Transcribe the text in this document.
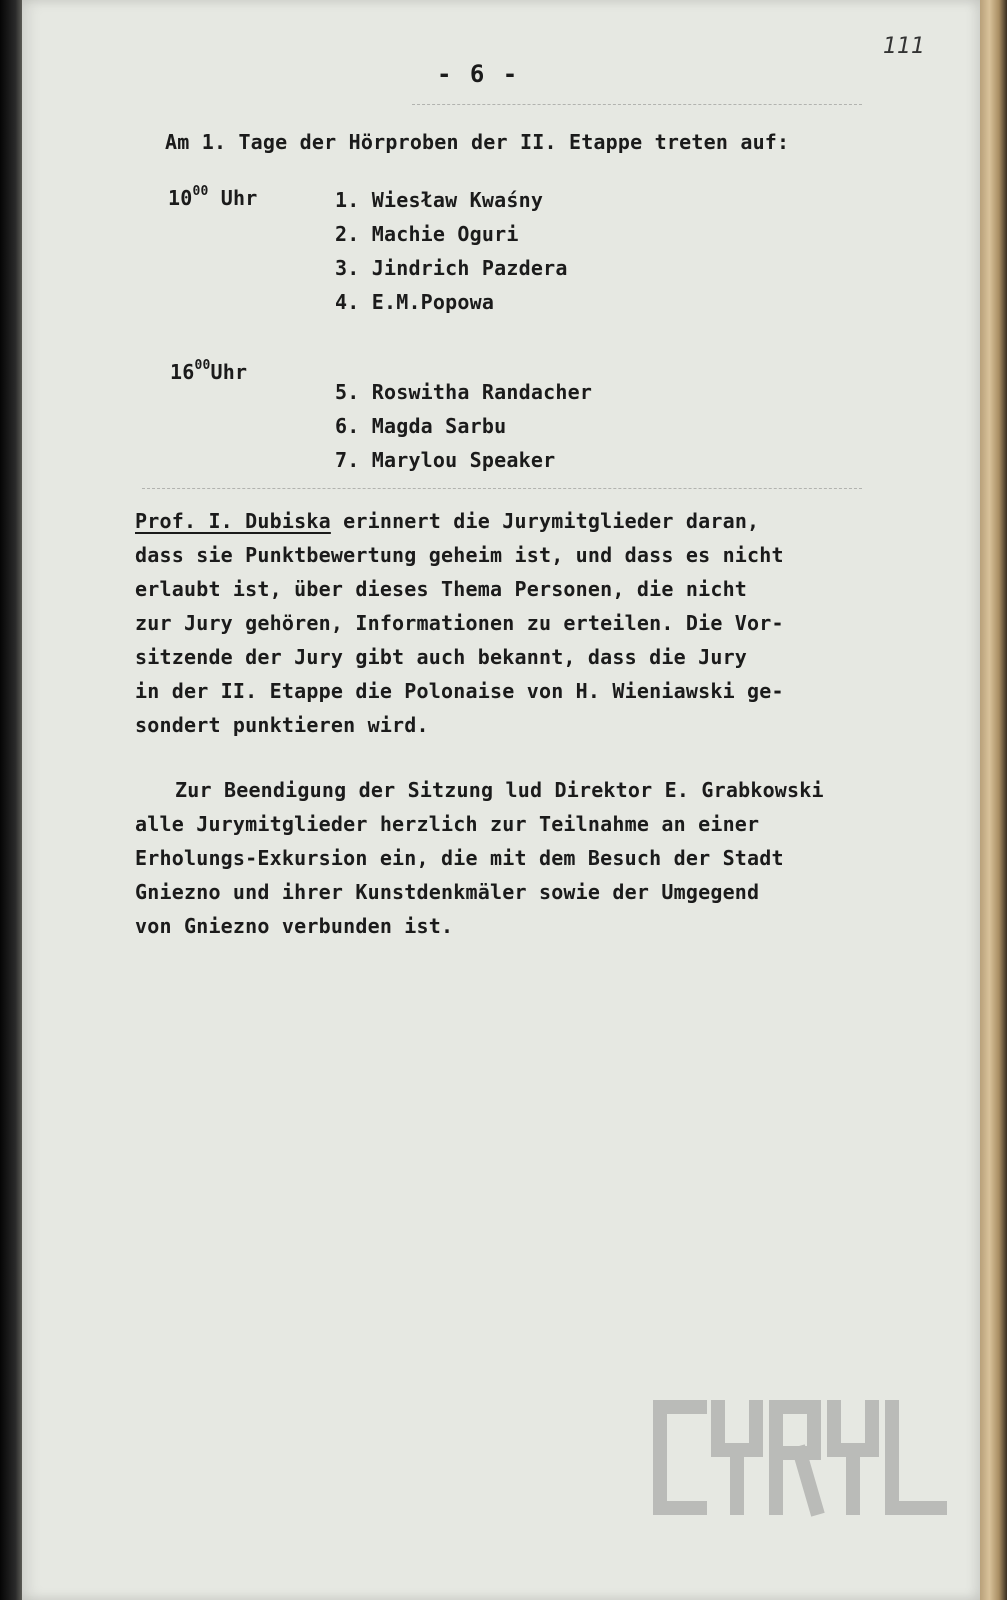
- 6 -
111
Am 1. Tage der Hörproben der II. Etappe treten auf:
$10^{00}$ Uhr	1. Wiesław Kwaśny
2. Machie Oguri
3. Jindrich Pazdera
4. E.M.Popowa
$16^{00}Uhr$
5. Roswitha Randacher
6. Magda Sarbu
7. Marylou Speaker
Prof. I. Dubiska erinnert die Jurymitglieder daran,
dass sie Punktbewertung geheim ist, und dass es nicht
erlaubt ist, über dieses Thema Personen, die nicht
zur Jury gehören, Informationen zu erteilen. Die Vor-
sitzende der Jury gibt auch bekannt, dass die Jury
in der II. Etappe die Polonaise von H. Wieniawski ge-
sondert punktieren wird.
Zur Beendigung der Sitzung lud Direktor E. Grabkowski
alle Jurymitglieder herzlich zur Teilnahme an einer
Erholungs-Exkursion ein, die mit dem Besuch der Stadt
Gniezno und ihrer Kunstdenkmäler sowie der Umgegend
von Gniezno verbunden ist.
